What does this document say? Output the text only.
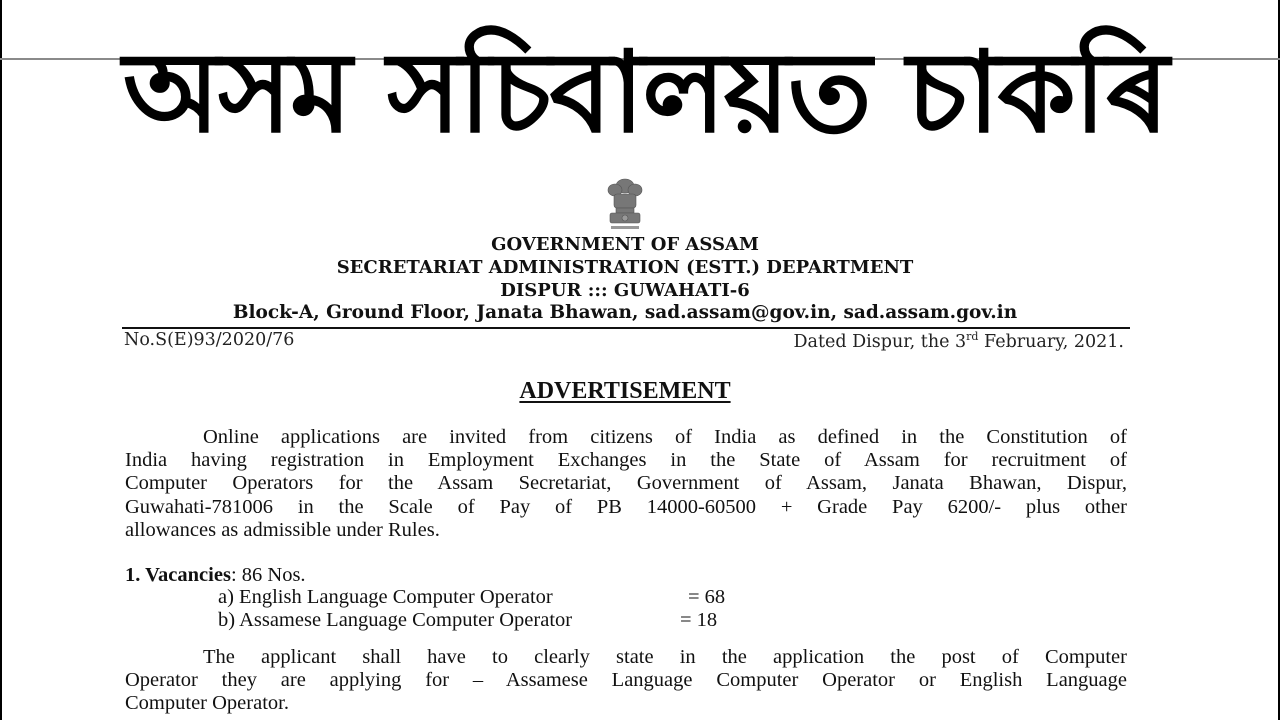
অসম সচিবালয়ত চাকৰি
GOVERNMENT OF ASSAM
SECRETARIAT ADMINISTRATION (ESTT.) DEPARTMENT
DISPUR ::: GUWAHATI-6
Block-A, Ground Floor, Janata Bhawan, sad.assam@gov.in, sad.assam.gov.in
No.S(E)93/2020/76	Dated Dispur, the 3rd February, 2021.
ADVERTISEMENT
Online applications are invited from citizens of India as defined in the Constitution of
India having registration in Employment Exchanges in the State of Assam for recruitment of
Computer Operators for the Assam Secretariat, Government of Assam, Janata Bhawan, Dispur,
Guwahati-781006 in the Scale of Pay of PB 14000-60500 + Grade Pay 6200/- plus other
allowances as admissible under Rules.
1. Vacancies: 86 Nos.
a) English Language Computer Operator	= 68
b) Assamese Language Computer Operator	= 18
The applicant shall have to clearly state in the application the post of Computer
Operator they are applying for – Assamese Language Computer Operator or English Language
Computer Operator.
